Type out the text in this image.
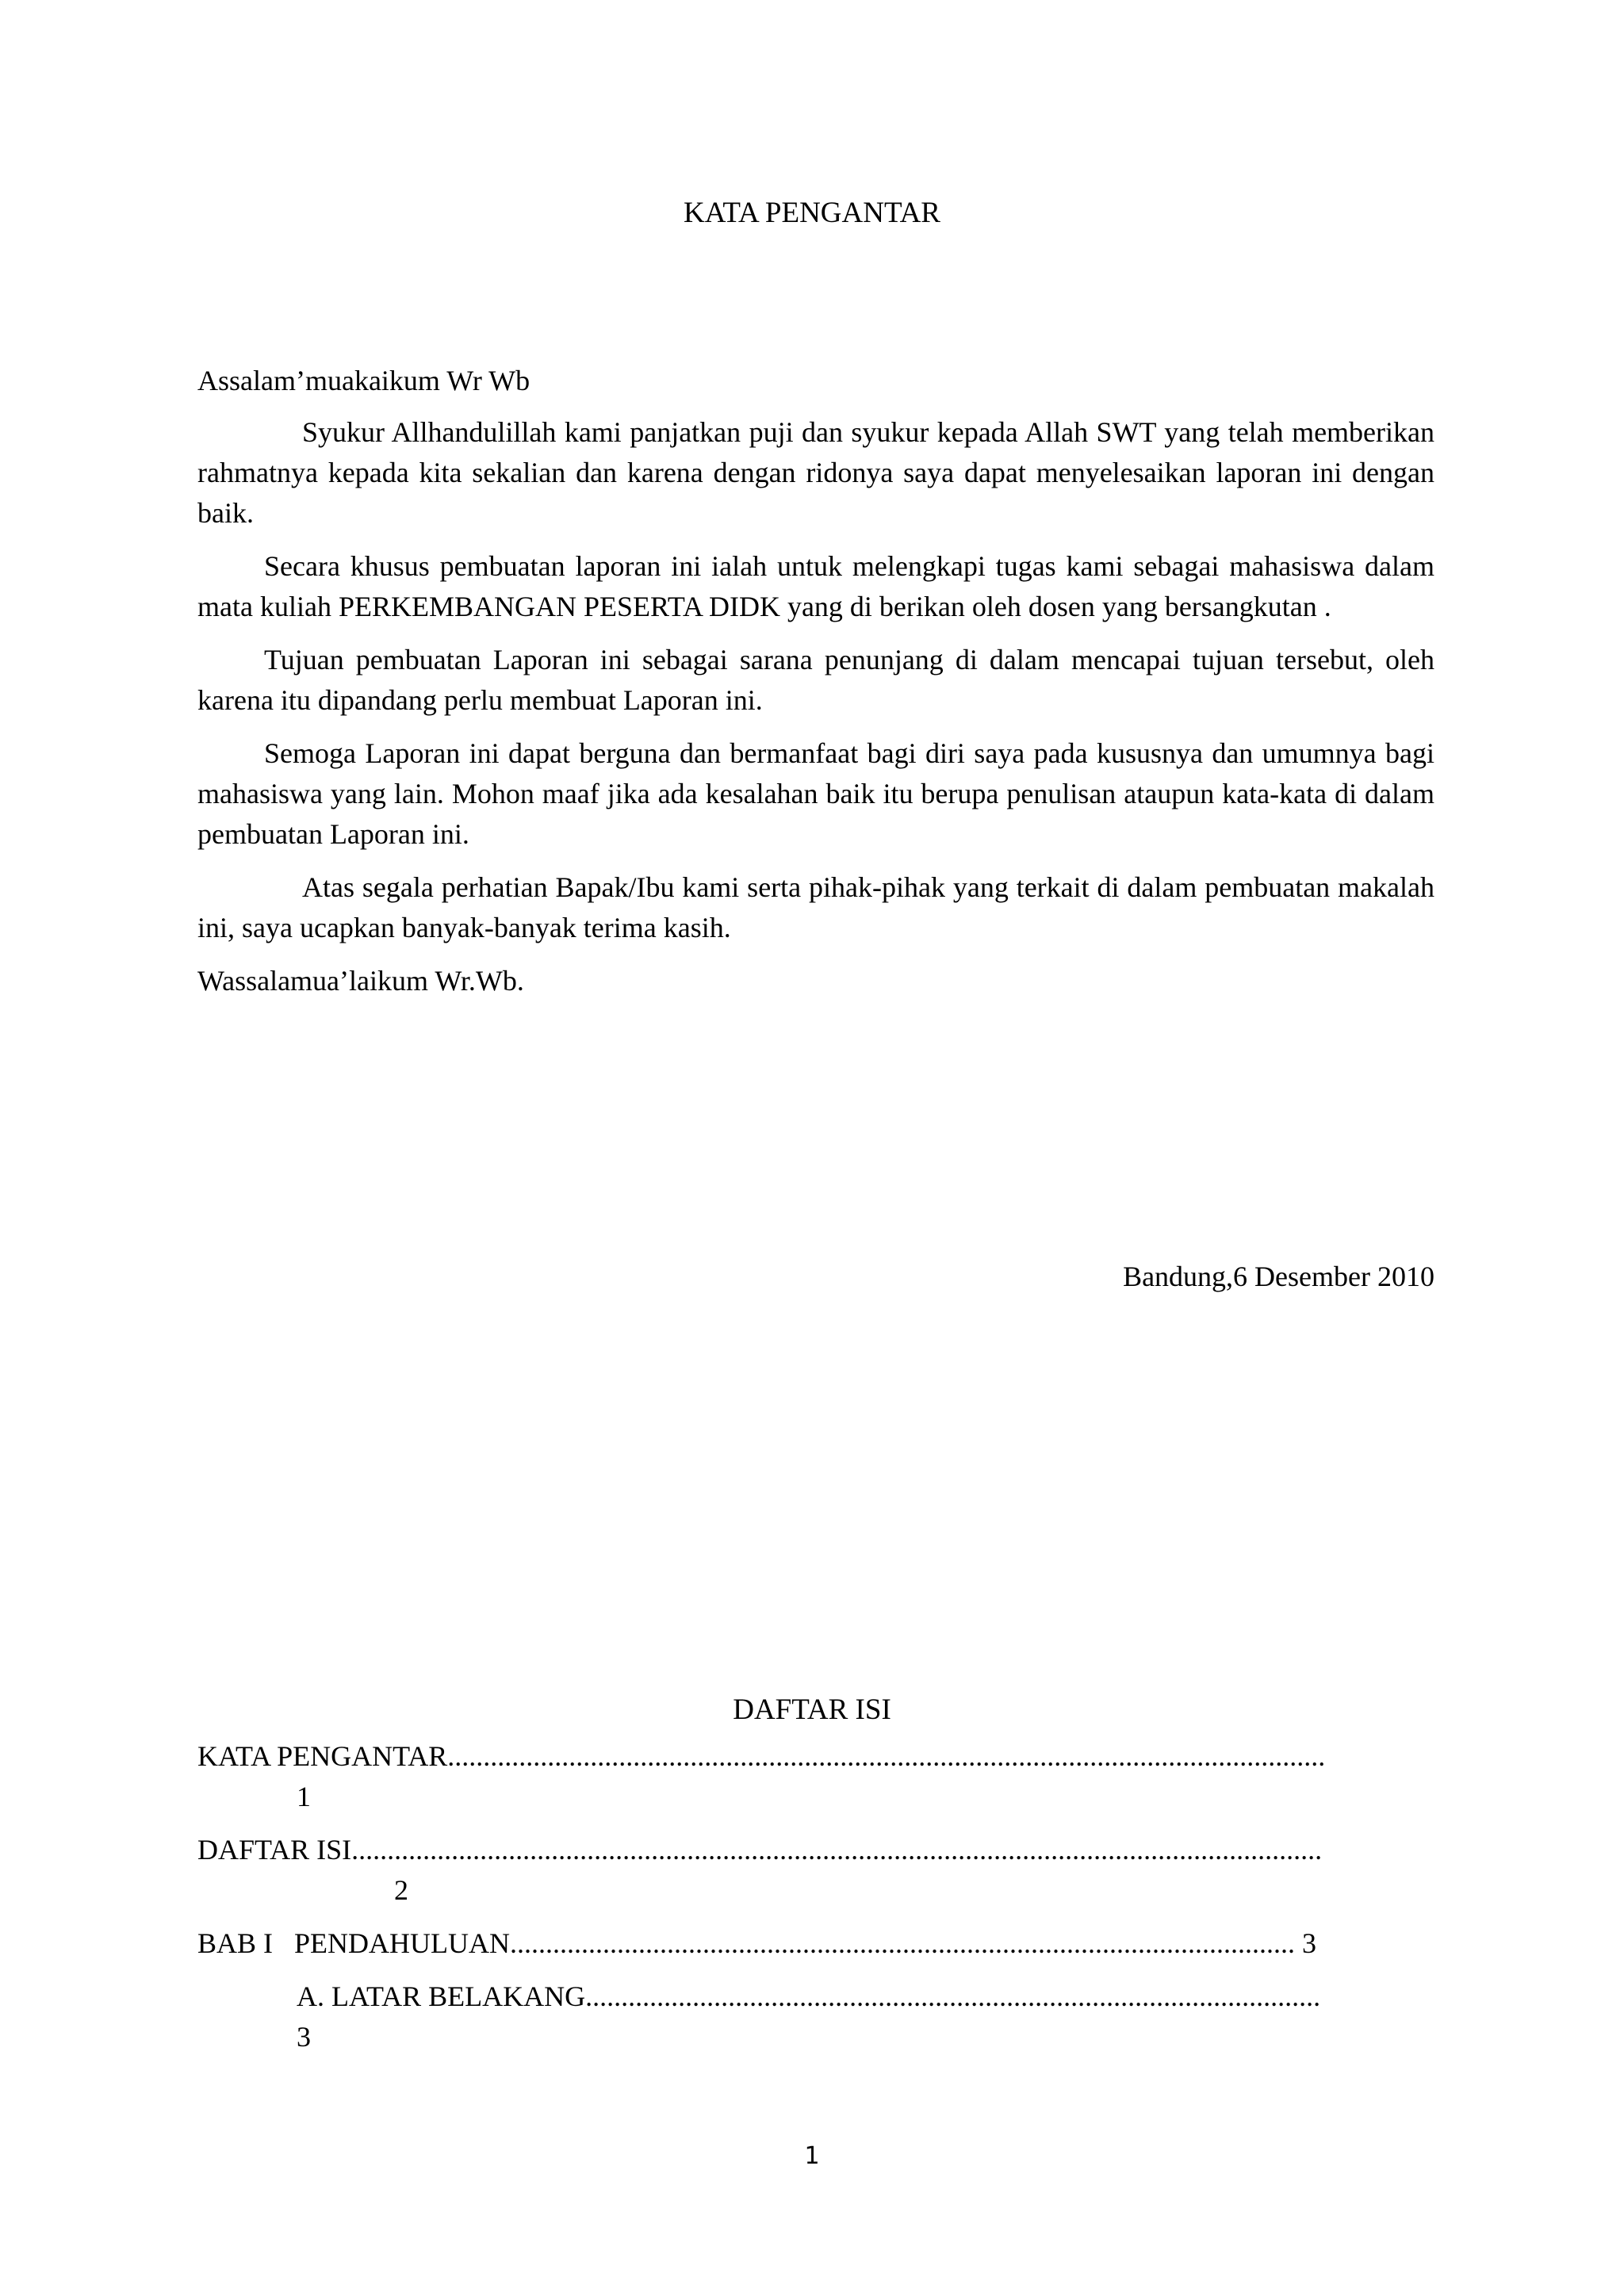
KATA PENGANTAR

Assalam’muakaikum Wr Wb

Syukur Allhandulillah kami panjatkan puji dan syukur kepada Allah SWT yang telah memberikan rahmatnya kepada kita sekalian dan karena dengan ridonya saya dapat menyelesaikan laporan ini dengan baik.

Secara khusus pembuatan laporan ini ialah untuk melengkapi tugas kami sebagai mahasiswa dalam mata kuliah PERKEMBANGAN PESERTA DIDK yang di berikan oleh dosen yang bersangkutan .

Tujuan pembuatan Laporan ini sebagai sarana penunjang di dalam mencapai tujuan tersebut, oleh karena itu dipandang perlu membuat Laporan ini.

Semoga Laporan ini dapat berguna dan bermanfaat bagi diri saya pada kususnya dan umumnya bagi mahasiswa yang lain. Mohon maaf jika ada kesalahan baik itu berupa penulisan ataupun kata-kata di dalam pembuatan Laporan ini.

Atas segala perhatian Bapak/Ibu kami serta pihak-pihak yang terkait di dalam pembuatan makalah ini, saya ucapkan banyak-banyak terima kasih.

Wassalamua’laikum Wr.Wb.

Bandung,6 Desember 2010
DAFTAR ISI
KATA PENGANTAR...........................................................................................................................
1
DAFTAR ISI........................................................................................................................................
2
BAB I   PENDAHULUAN.............................................................................................................. 3
A. LATAR BELAKANG.......................................................................................................
3
1
